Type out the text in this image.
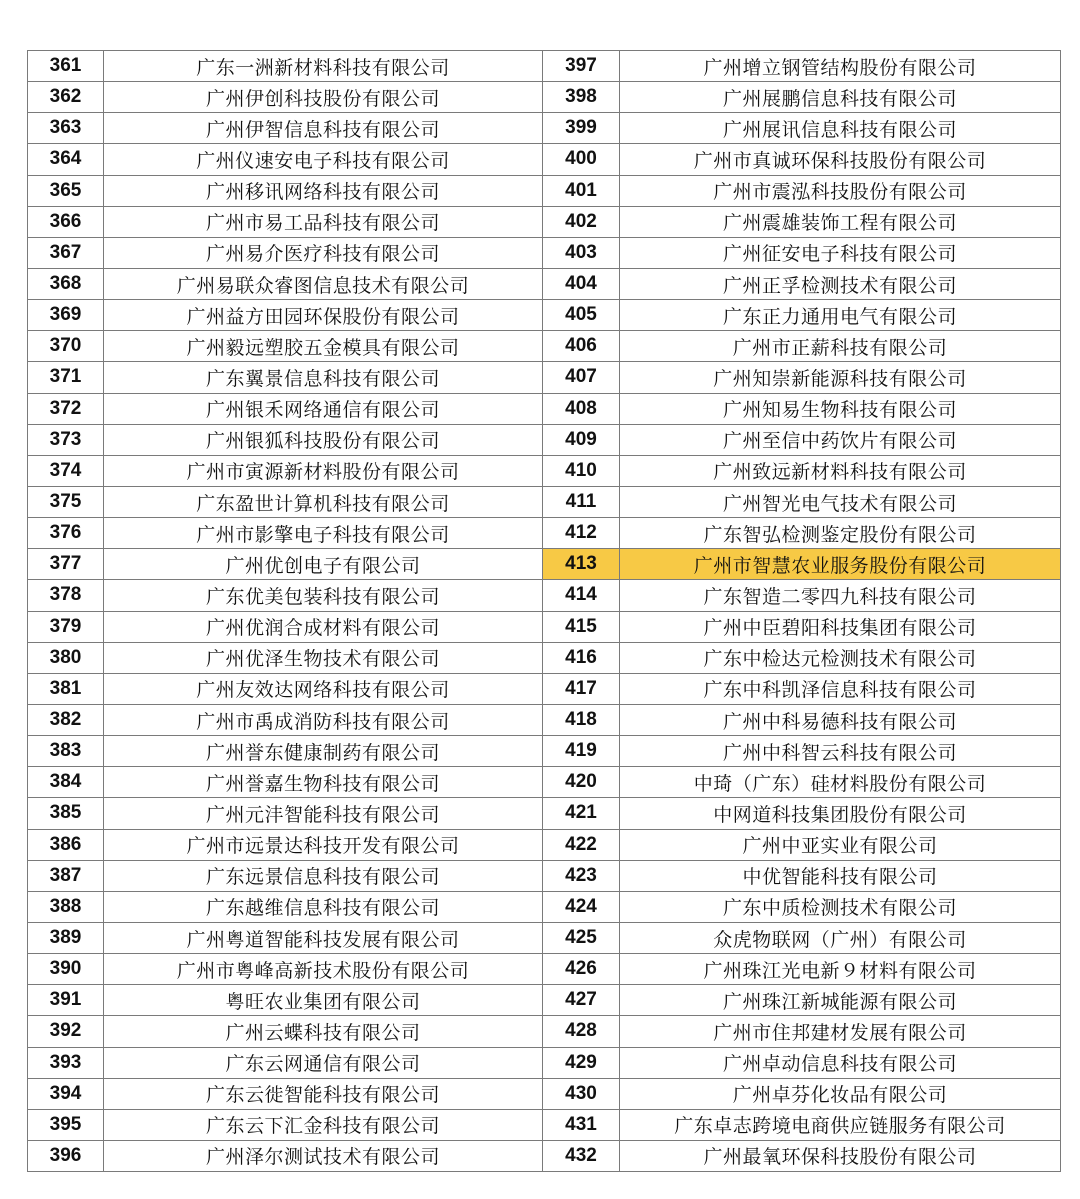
361	广东一洲新材料科技有限公司	397	广州增立钢管结构股份有限公司
362	广州伊创科技股份有限公司	398	广州展鹏信息科技有限公司
363	广州伊智信息科技有限公司	399	广州展讯信息科技有限公司
364	广州仪速安电子科技有限公司	400	广州市真诚环保科技股份有限公司
365	广州移讯网络科技有限公司	401	广州市震泓科技股份有限公司
366	广州市易工品科技有限公司	402	广州震雄装饰工程有限公司
367	广州易介医疗科技有限公司	403	广州征安电子科技有限公司
368	广州易联众睿图信息技术有限公司	404	广州正孚检测技术有限公司
369	广州益方田园环保股份有限公司	405	广东正力通用电气有限公司
370	广州毅远塑胶五金模具有限公司	406	广州市正薪科技有限公司
371	广东翼景信息科技有限公司	407	广州知崇新能源科技有限公司
372	广州银禾网络通信有限公司	408	广州知易生物科技有限公司
373	广州银狐科技股份有限公司	409	广州至信中药饮片有限公司
374	广州市寅源新材料股份有限公司	410	广州致远新材料科技有限公司
375	广东盈世计算机科技有限公司	411	广州智光电气技术有限公司
376	广州市影擎电子科技有限公司	412	广东智弘检测鉴定股份有限公司
377	广州优创电子有限公司	413	广州市智慧农业服务股份有限公司
378	广东优美包装科技有限公司	414	广东智造二零四九科技有限公司
379	广州优润合成材料有限公司	415	广州中臣碧阳科技集团有限公司
380	广州优泽生物技术有限公司	416	广东中检达元检测技术有限公司
381	广州友效达网络科技有限公司	417	广东中科凯泽信息科技有限公司
382	广州市禹成消防科技有限公司	418	广州中科易德科技有限公司
383	广州誉东健康制药有限公司	419	广州中科智云科技有限公司
384	广州誉嘉生物科技有限公司	420	中琦（广东）硅材料股份有限公司
385	广州元沣智能科技有限公司	421	中网道科技集团股份有限公司
386	广州市远景达科技开发有限公司	422	广州中亚实业有限公司
387	广东远景信息科技有限公司	423	中优智能科技有限公司
388	广东越维信息科技有限公司	424	广东中质检测技术有限公司
389	广州粤道智能科技发展有限公司	425	众虎物联网（广州）有限公司
390	广州市粤峰高新技术股份有限公司	426	广州珠江光电新９材料有限公司
391	粤旺农业集团有限公司	427	广州珠江新城能源有限公司
392	广州云蝶科技有限公司	428	广州市住邦建材发展有限公司
393	广东云网通信有限公司	429	广州卓动信息科技有限公司
394	广东云徙智能科技有限公司	430	广州卓芬化妆品有限公司
395	广东云下汇金科技有限公司	431	广东卓志跨境电商供应链服务有限公司
396	广州泽尔测试技术有限公司	432	广州最氧环保科技股份有限公司
